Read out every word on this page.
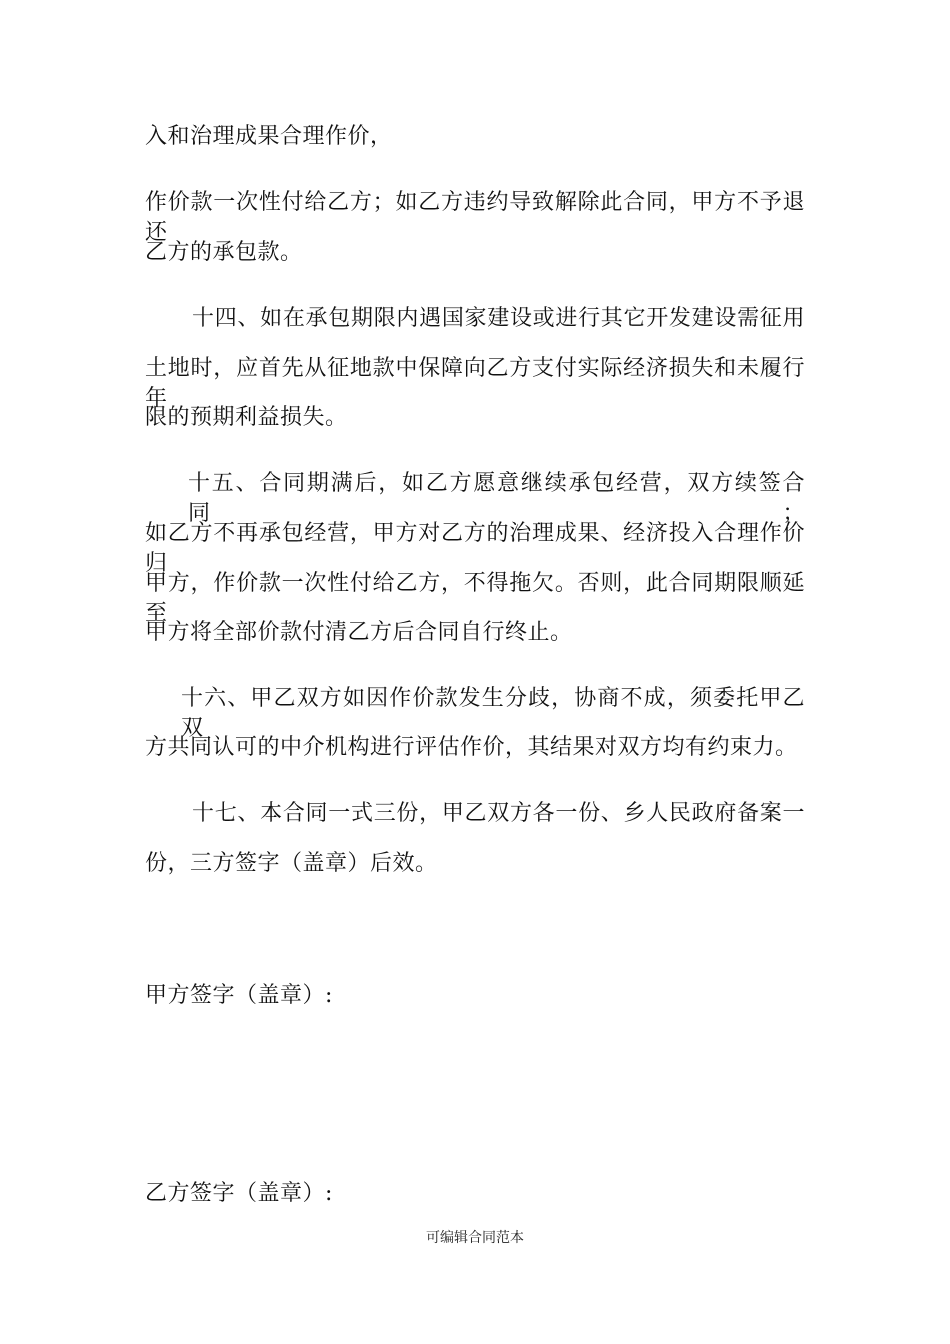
入和治理成果合理作价，
作价款一次性付给乙方；如乙方违约导致解除此合同，甲方不予退还
乙方的承包款。
十四、如在承包期限内遇国家建设或进行其它开发建设需征用
土地时，应首先从征地款中保障向乙方支付实际经济损失和未履行年
限的预期利益损失。
十五、合同期满后，如乙方愿意继续承包经营，双方续签合同；
如乙方不再承包经营，甲方对乙方的治理成果、经济投入合理作价归
甲方，作价款一次性付给乙方，不得拖欠。否则，此合同期限顺延至
甲方将全部价款付清乙方后合同自行终止。
十六、甲乙双方如因作价款发生分歧，协商不成，须委托甲乙双
方共同认可的中介机构进行评估作价，其结果对双方均有约束力。
十七、本合同一式三份，甲乙双方各一份、乡人民政府备案一
份，三方签字（盖章）后效。
甲方签字（盖章）:
乙方签字（盖章）:
可编辑合同范本
